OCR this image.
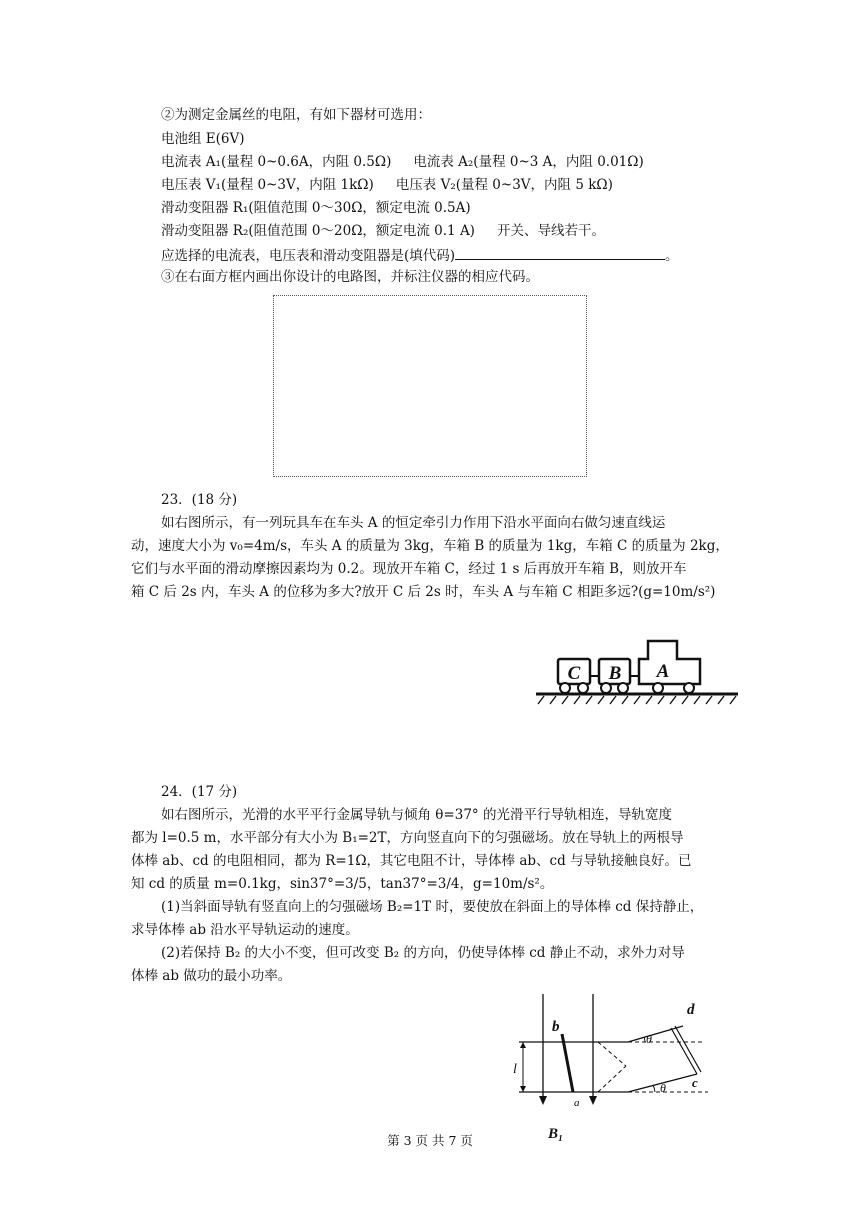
②为测定金属丝的电阻，有如下器材可选用：
电池组 E(6V)
电流表 A₁(量程 0~0.6A，内阻 0.5Ω) 电流表 A₂(量程 0~3 A，内阻 0.01Ω)
电压表 V₁(量程 0~3V，内阻 1kΩ) 电压表 V₂(量程 0~3V，内阻 5 kΩ)
滑动变阻器 R₁(阻值范围 0～30Ω，额定电流 0.5A)
滑动变阻器 R₂(阻值范围 0～20Ω，额定电流 0.1 A) 开关、导线若干。
应选择的电流表，电压表和滑动变阻器是(填代码)	。
③在右面方框内画出你设计的电路图，并标注仪器的相应代码。
23．(18 分)
如右图所示，有一列玩具车在车头 A 的恒定牵引力作用下沿水平面向右做匀速直线运
动，速度大小为 v₀=4m/s，车头 A 的质量为 3kg，车箱 B 的质量为 1kg，车箱 C 的质量为 2kg，
它们与水平面的滑动摩擦因素均为 0.2。现放开车箱 C，经过 1 s 后再放开车箱 B，则放开车
箱 C 后 2s 内，车头 A 的位移为多大?放开 C 后 2s 时，车头 A 与车箱 C 相距多远?(g=10m/s²)
C B A
24．(17 分)
如右图所示，光滑的水平平行金属导轨与倾角 θ=37° 的光滑平行导轨相连，导轨宽度
都为 l=0.5 m，水平部分有大小为 B₁=2T，方向竖直向下的匀强磁场。放在导轨上的两根导
体棒 ab、cd 的电阻相同，都为 R=1Ω，其它电阻不计，导体棒 ab、cd 与导轨接触良好。已
知 cd 的质量 m=0.1kg，sin37°=3/5，tan37°=3/4，g=10m/s²。
(1)当斜面导轨有竖直向上的匀强磁场 B₂=1T 时，要使放在斜面上的导体棒 cd 保持静止，
求导体棒 ab 沿水平导轨运动的速度。
(2)若保持 B₂ 的大小不变，但可改变 B₂ 的方向，仍使导体棒 cd 静止不动，求外力对导
体棒 ab 做功的最小功率。
b
a
d
c
l
θ
θ
B₁
第 3 页 共 7 页
